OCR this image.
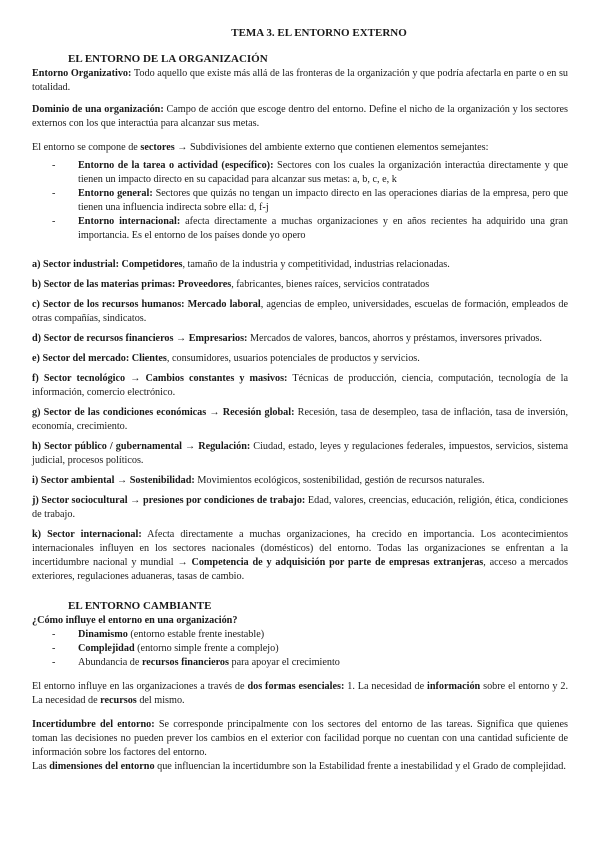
TEMA 3. EL ENTORNO EXTERNO
EL ENTORNO DE LA ORGANIZACIÓN

Entorno Organizativo: Todo aquello que existe más allá de las fronteras de la organización y que podría afectarla en parte o en su totalidad.

Dominio de una organización: Campo de acción que escoge dentro del entorno. Define el nicho de la organización y los sectores externos con los que interactúa para alcanzar sus metas.

El entorno se compone de sectores → Subdivisiones del ambiente externo que contienen elementos semejantes:

- Entorno de la tarea o actividad (específico): Sectores con los cuales la organización interactúa directamente y que tienen un impacto directo en su capacidad para alcanzar sus metas: a, b, c, e, k
- Entorno general: Sectores que quizás no tengan un impacto directo en las operaciones diarias de la empresa, pero que tienen una influencia indirecta sobre ella: d, f-j
- Entorno internacional: afecta directamente a muchas organizaciones y en años recientes ha adquirido una gran importancia. Es el entorno de los países donde yo opero

a) Sector industrial: Competidores, tamaño de la industria y competitividad, industrias relacionadas.

b) Sector de las materias primas: Proveedores, fabricantes, bienes raíces, servicios contratados

c) Sector de los recursos humanos: Mercado laboral, agencias de empleo, universidades, escuelas de formación, empleados de otras compañías, sindicatos.

d) Sector de recursos financieros → Empresarios: Mercados de valores, bancos, ahorros y préstamos, inversores privados.

e) Sector del mercado: Clientes, consumidores, usuarios potenciales de productos y servicios.

f) Sector tecnológico → Cambios constantes y masivos: Técnicas de producción, ciencia, computación, tecnología de la información, comercio electrónico.

g) Sector de las condiciones económicas → Recesión global: Recesión, tasa de desempleo, tasa de inflación, tasa de inversión, economía, crecimiento.

h) Sector público / gubernamental → Regulación: Ciudad, estado, leyes y regulaciones federales, impuestos, servicios, sistema judicial, procesos políticos.

i) Sector ambiental → Sostenibilidad: Movimientos ecológicos, sostenibilidad, gestión de recursos naturales.

j) Sector sociocultural → presiones por condiciones de trabajo: Edad, valores, creencias, educación, religión, ética, condiciones de trabajo.

k) Sector internacional: Afecta directamente a muchas organizaciones, ha crecido en importancia. Los acontecimientos internacionales influyen en los sectores nacionales (domésticos) del entorno. Todas las organizaciones se enfrentan a la incertidumbre nacional y mundial → Competencia de y adquisición por parte de empresas extranjeras, acceso a mercados exteriores, regulaciones aduaneras, tasas de cambio.

EL ENTORNO CAMBIANTE

¿Cómo influye el entorno en una organización?

- Dinamismo (entorno estable frente inestable)
- Complejidad (entorno simple frente a complejo)
- Abundancia de recursos financieros para apoyar el crecimiento

El entorno influye en las organizaciones a través de dos formas esenciales: 1. La necesidad de información sobre el entorno y 2. La necesidad de recursos del mismo.

Incertidumbre del entorno: Se corresponde principalmente con los sectores del entorno de las tareas. Significa que quienes toman las decisiones no pueden prever los cambios en el exterior con facilidad porque no cuentan con una cantidad suficiente de información sobre los factores del entorno.

Las dimensiones del entorno que influencian la incertidumbre son la Estabilidad frente a inestabilidad y el Grado de complejidad.
